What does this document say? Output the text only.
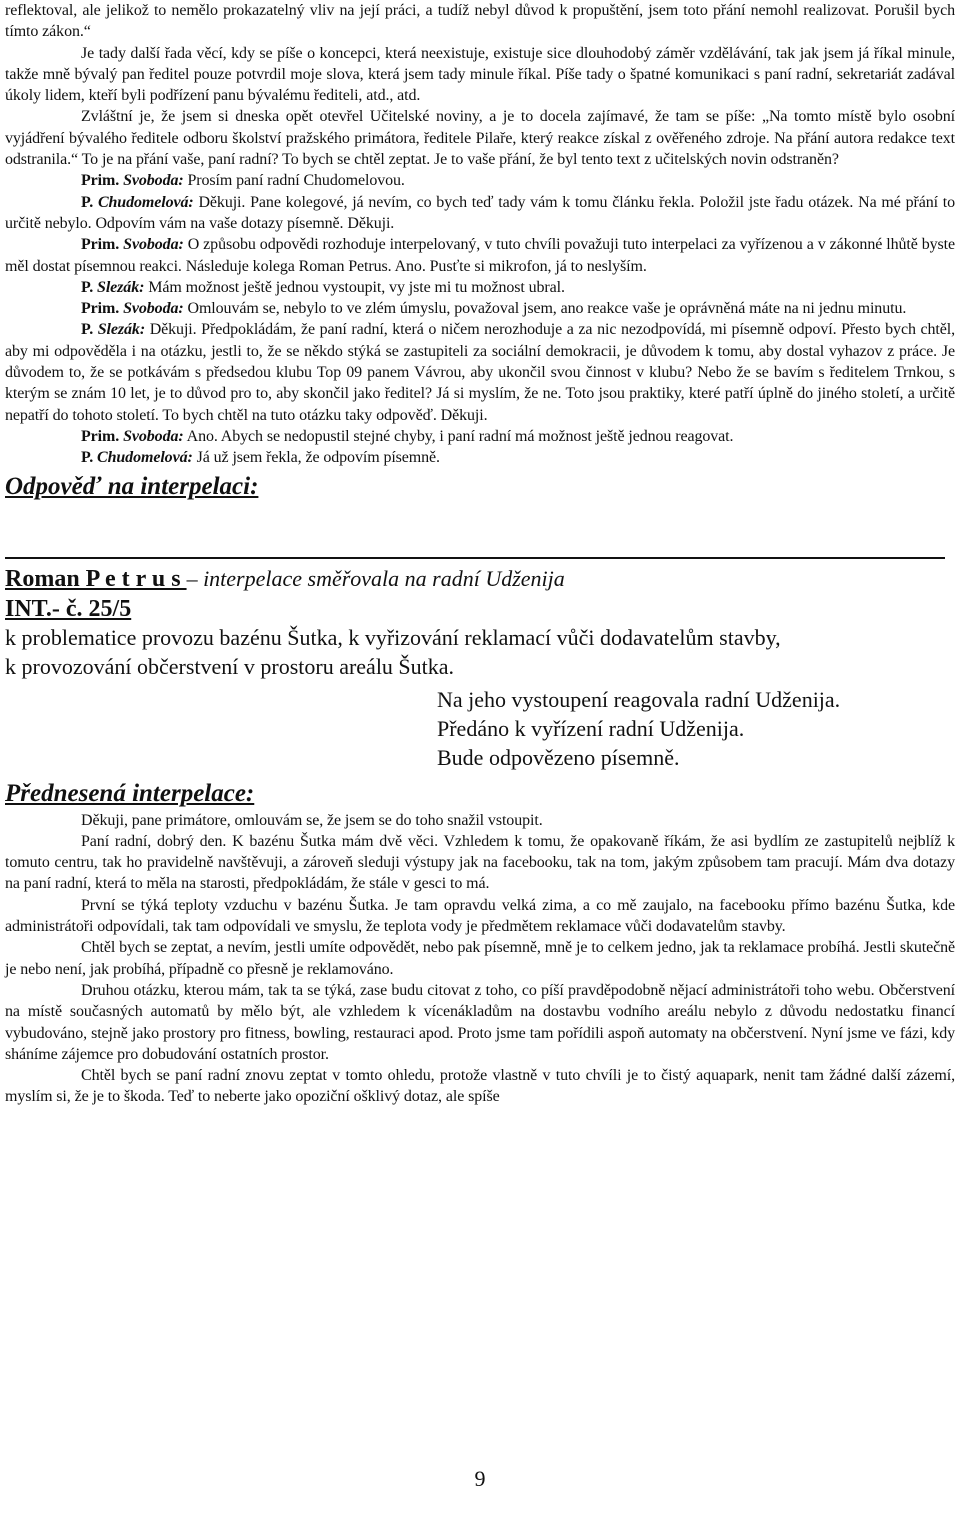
reflektoval, ale jelikož to nemělo prokazatelný vliv na její práci, a tudíž nebyl důvod k propuštění, jsem toto přání nemohl realizovat. Porušil bych tímto zákon.“

Je tady další řada věcí, kdy se píše o koncepci, která neexistuje, existuje sice dlouhodobý záměr vzdělávání, tak jak jsem já říkal minule, takže mně bývalý pan ředitel pouze potvrdil moje slova, která jsem tady minule říkal. Píše tady o špatné komunikaci s paní radní, sekretariát zadával úkoly lidem, kteří byli podřízení panu bývalému řediteli, atd., atd.

Zvláštní je, že jsem si dneska opět otevřel Učitelské noviny, a je to docela zajímavé, že tam se píše: „Na tomto místě bylo osobní vyjádření bývalého ředitele odboru školství pražského primátora, ředitele Pilaře, který reakce získal z ověřeného zdroje. Na přání autora redakce text odstranila.“ To je na přání vaše, paní radní? To bych se chtěl zeptat. Je to vaše přání, že byl tento text z učitelských novin odstraněn?

Prim. Svoboda: Prosím paní radní Chudomelovou.

P. Chudomelová: Děkuji. Pane kolegové, já nevím, co bych teď tady vám k tomu článku řekla. Položil jste řadu otázek. Na mé přání to určitě nebylo. Odpovím vám na vaše dotazy písemně. Děkuji.

Prim. Svoboda: O způsobu odpovědi rozhoduje interpelovaný, v tuto chvíli považuji tuto interpelaci za vyřízenou a v zákonné lhůtě byste měl dostat písemnou reakci. Následuje kolega Roman Petrus. Ano. Pusťte si mikrofon, já to neslyším.

P. Slezák: Mám možnost ještě jednou vystoupit, vy jste mi tu možnost ubral.

Prim. Svoboda: Omlouvám se, nebylo to ve zlém úmyslu, považoval jsem, ano reakce vaše je oprávněná máte na ni jednu minutu.

P. Slezák: Děkuji. Předpokládám, že paní radní, která o ničem nerozhoduje a za nic nezodpovídá, mi písemně odpoví. Přesto bych chtěl, aby mi odpověděla i na otázku, jestli to, že se někdo stýká se zastupiteli za sociální demokracii, je důvodem k tomu, aby dostal vyhazov z práce. Je důvodem to, že se potkávám s předsedou klubu Top 09 panem Vávrou, aby ukončil svou činnost v klubu? Nebo že se bavím s ředitelem Trnkou, s kterým se znám 10 let, je to důvod pro to, aby skončil jako ředitel? Já si myslím, že ne. Toto jsou praktiky, které patří úplně do jiného století, a určitě nepatří do tohoto století. To bych chtěl na tuto otázku taky odpověď. Děkuji.

Prim. Svoboda: Ano. Abych se nedopustil stejné chyby, i paní radní má možnost ještě jednou reagovat.

P. Chudomelová: Já už jsem řekla, že odpovím písemně.

Odpověď na interpelaci:

Roman P e t r u s – interpelace směřovala na radní Udženija

INT.- č. 25/5

k problematice provozu bazénu Šutka, k vyřizování reklamací vůči dodavatelům stavby,

k provozování občerstvení v prostoru areálu Šutka.

Na jeho vystoupení reagovala radní Udženija.
Předáno k vyřízení radní Udženija.
Bude odpovězeno písemně.

Přednesená interpelace:

Děkuji, pane primátore, omlouvám se, že jsem se do toho snažil vstoupit.

Paní radní, dobrý den. K bazénu Šutka mám dvě věci. Vzhledem k tomu, že opakovaně říkám, že asi bydlím ze zastupitelů nejblíž k tomuto centru, tak ho pravidelně navštěvuji, a zároveň sleduji výstupy jak na facebooku, tak na tom, jakým způsobem tam pracují. Mám dva dotazy na paní radní, která to měla na starosti, předpokládám, že stále v gesci to má.

První se týká teploty vzduchu v bazénu Šutka. Je tam opravdu velká zima, a co mě zaujalo, na facebooku přímo bazénu Šutka, kde administrátoři odpovídali, tak tam odpovídali ve smyslu, že teplota vody je předmětem reklamace vůči dodavatelům stavby.

Chtěl bych se zeptat, a nevím, jestli umíte odpovědět, nebo pak písemně, mně je to celkem jedno, jak ta reklamace probíhá. Jestli skutečně je nebo není, jak probíhá, případně co přesně je reklamováno.

Druhou otázku, kterou mám, tak ta se týká, zase budu citovat z toho, co píší pravděpodobně nějací administrátoři toho webu. Občerstvení na místě současných automatů by mělo být, ale vzhledem k vícenákladům na dostavbu vodního areálu nebylo z důvodu nedostatku financí vybudováno, stejně jako prostory pro fitness, bowling, restauraci apod. Proto jsme tam pořídili aspoň automaty na občerstvení. Nyní jsme ve fázi, kdy sháníme zájemce pro dobudování ostatních prostor.

Chtěl bych se paní radní znovu zeptat v tomto ohledu, protože vlastně v tuto chvíli je to čistý aquapark, nenit tam žádné další zázemí, myslím si, že je to škoda. Teď to neberte jako opoziční ošklivý dotaz, ale spíše

9
